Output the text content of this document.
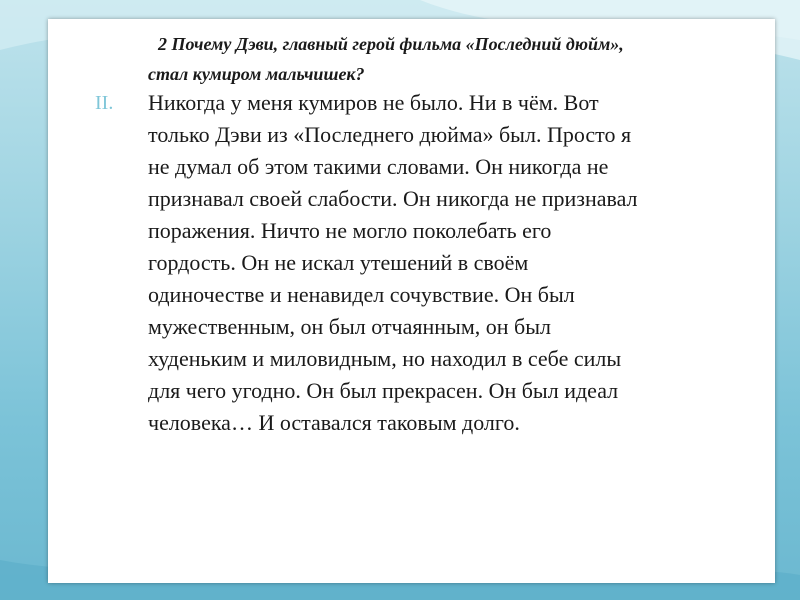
2 Почему Дэви, главный герой фильма «Последний дюйм»,
стал кумиром мальчишек?
II. Никогда у меня кумиров не было. Ни в чём. Вот
только Дэви из «Последнего дюйма» был. Просто я
не думал об этом такими словами. Он никогда не
признавал своей слабости. Он никогда не признавал
поражения. Ничто не могло поколебать его
гордость. Он не искал утешений в своём
одиночестве и ненавидел сочувствие. Он был
мужественным, он был отчаянным, он был
худеньким и миловидным, но находил в себе силы
для чего угодно. Он был прекрасен. Он был идеал
человека… И оставался таковым долго.
